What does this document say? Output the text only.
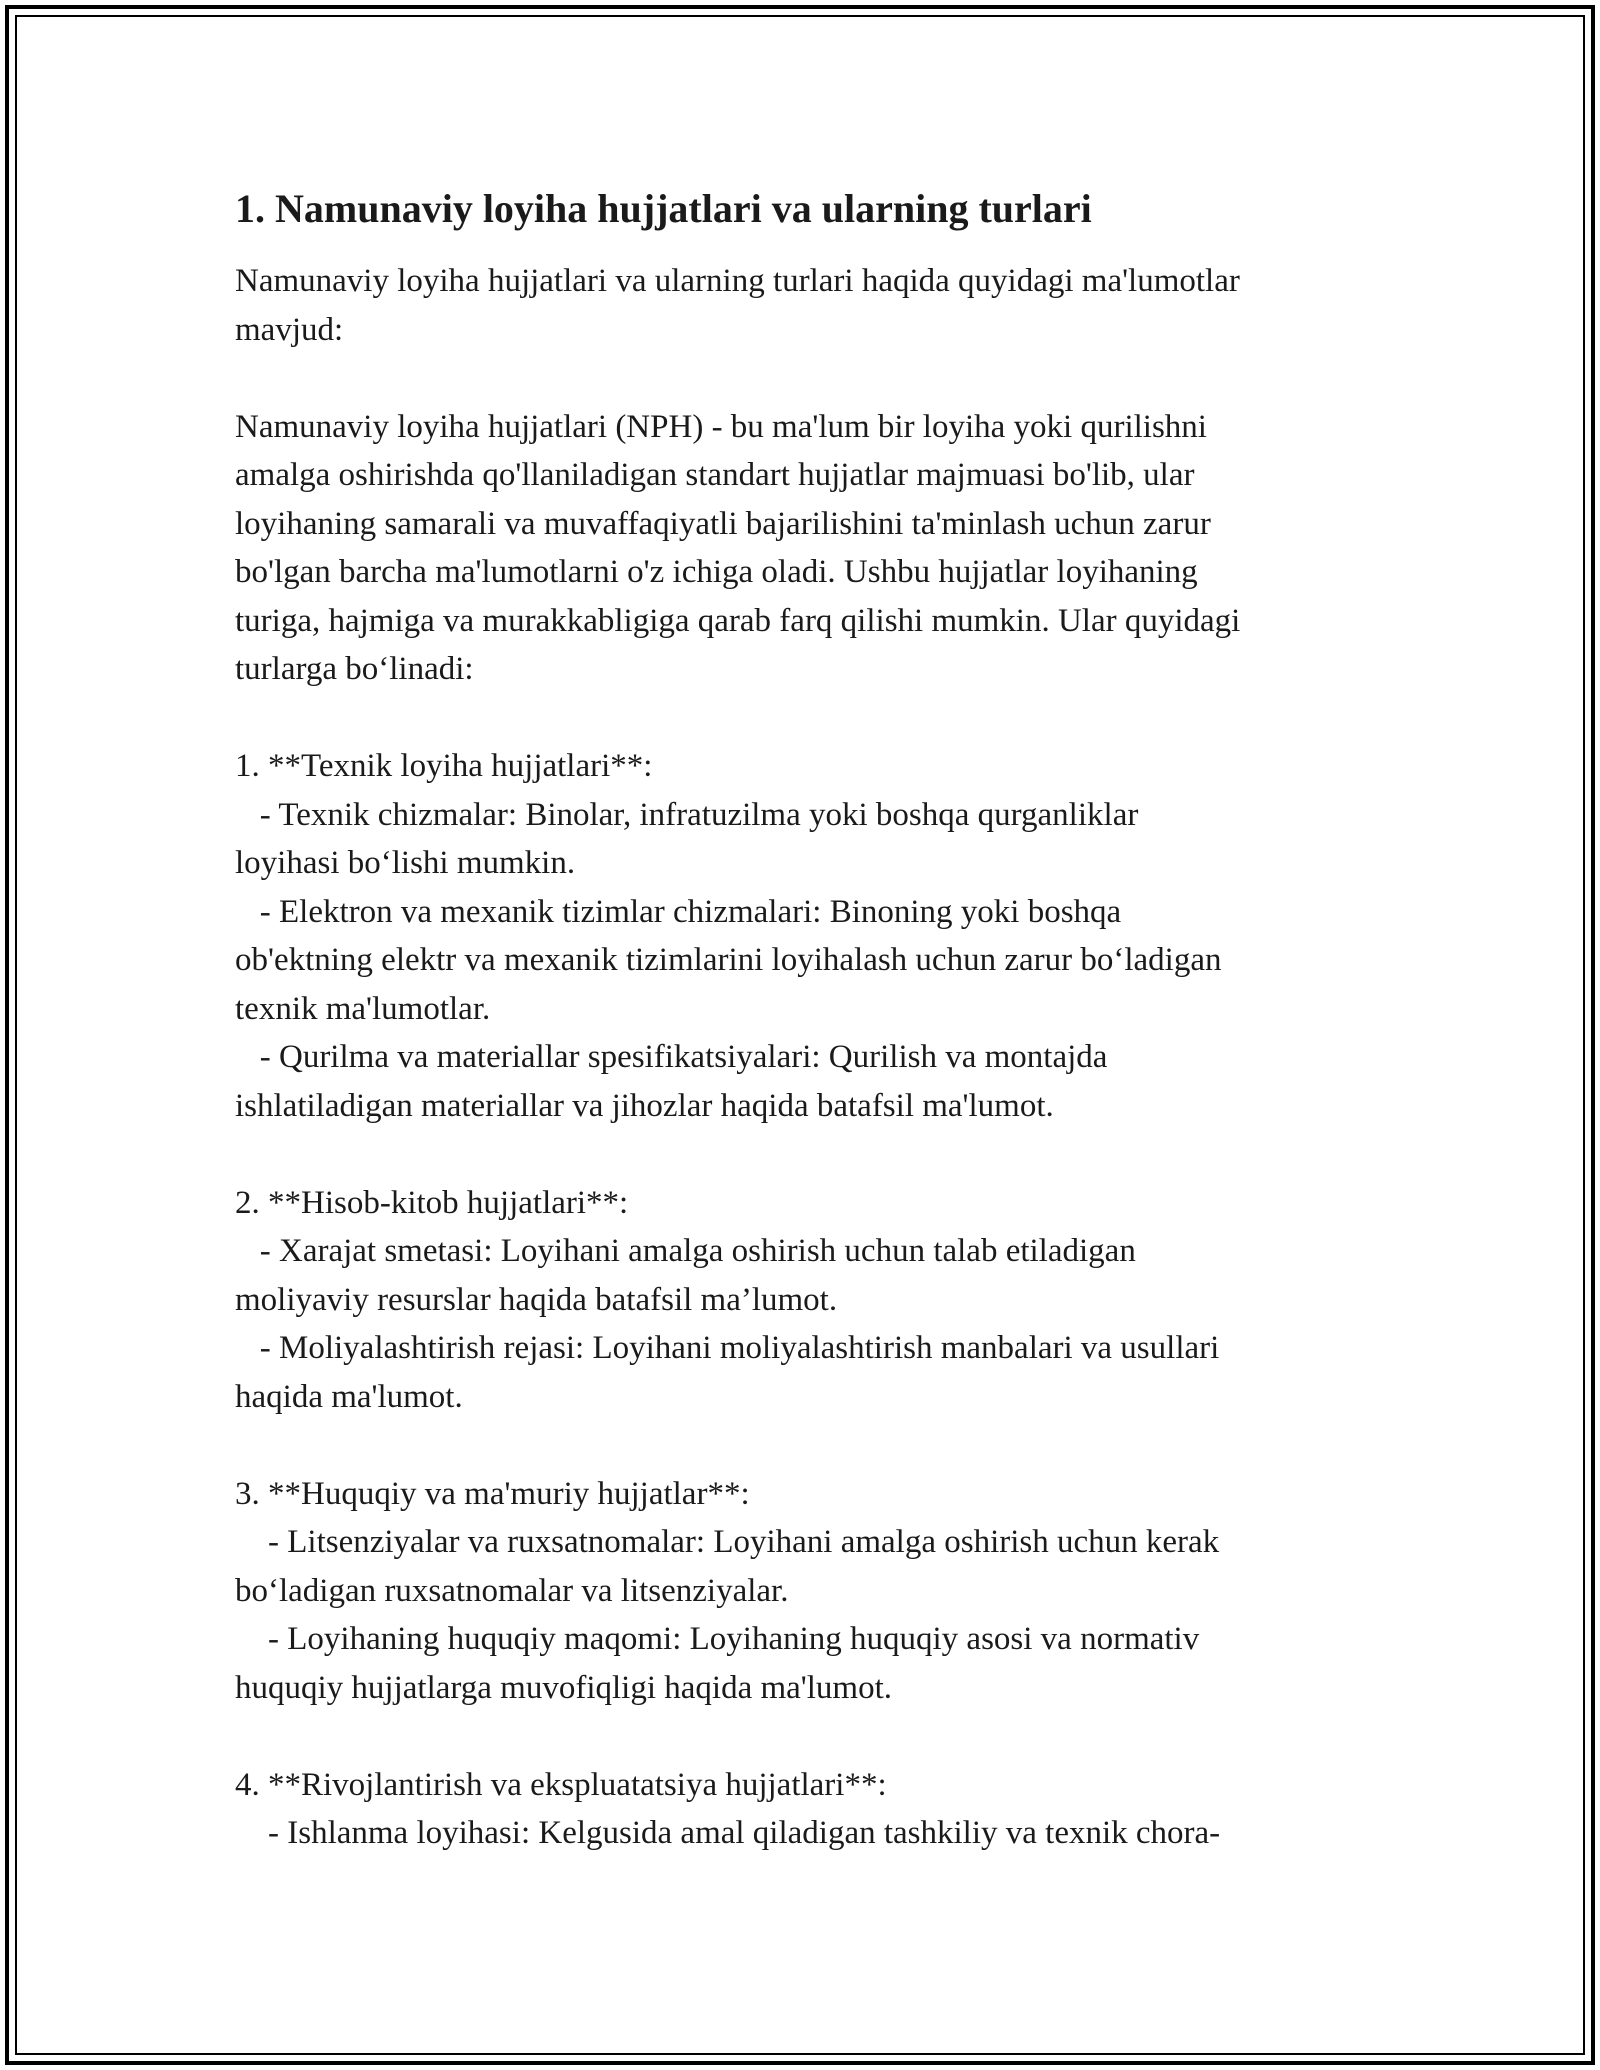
1. Namunaviy loyiha hujjatlari va ularning turlari
Namunaviy loyiha hujjatlari va ularning turlari haqida quyidagi ma'lumotlar
mavjud:
Namunaviy loyiha hujjatlari (NPH) - bu ma'lum bir loyiha yoki qurilishni
amalga oshirishda qo'llaniladigan standart hujjatlar majmuasi bo'lib, ular
loyihaning samarali va muvaffaqiyatli bajarilishini ta'minlash uchun zarur
bo'lgan barcha ma'lumotlarni o'z ichiga oladi. Ushbu hujjatlar loyihaning
turiga, hajmiga va murakkabligiga qarab farq qilishi mumkin. Ular quyidagi
turlarga bo‘linadi:
1. **Texnik loyiha hujjatlari**:
- Texnik chizmalar: Binolar, infratuzilma yoki boshqa qurganliklar
loyihasi bo‘lishi mumkin.
- Elektron va mexanik tizimlar chizmalari: Binoning yoki boshqa
ob'ektning elektr va mexanik tizimlarini loyihalash uchun zarur bo‘ladigan
texnik ma'lumotlar.
- Qurilma va materiallar spesifikatsiyalari: Qurilish va montajda
ishlatiladigan materiallar va jihozlar haqida batafsil ma'lumot.
2. **Hisob-kitob hujjatlari**:
- Xarajat smetasi: Loyihani amalga oshirish uchun talab etiladigan
moliyaviy resurslar haqida batafsil ma’lumot.
- Moliyalashtirish rejasi: Loyihani moliyalashtirish manbalari va usullari
haqida ma'lumot.
3. **Huquqiy va ma'muriy hujjatlar**:
- Litsenziyalar va ruxsatnomalar: Loyihani amalga oshirish uchun kerak
bo‘ladigan ruxsatnomalar va litsenziyalar.
- Loyihaning huquqiy maqomi: Loyihaning huquqiy asosi va normativ
huquqiy hujjatlarga muvofiqligi haqida ma'lumot.
4. **Rivojlantirish va ekspluatatsiya hujjatlari**:
- Ishlanma loyihasi: Kelgusida amal qiladigan tashkiliy va texnik chora-
